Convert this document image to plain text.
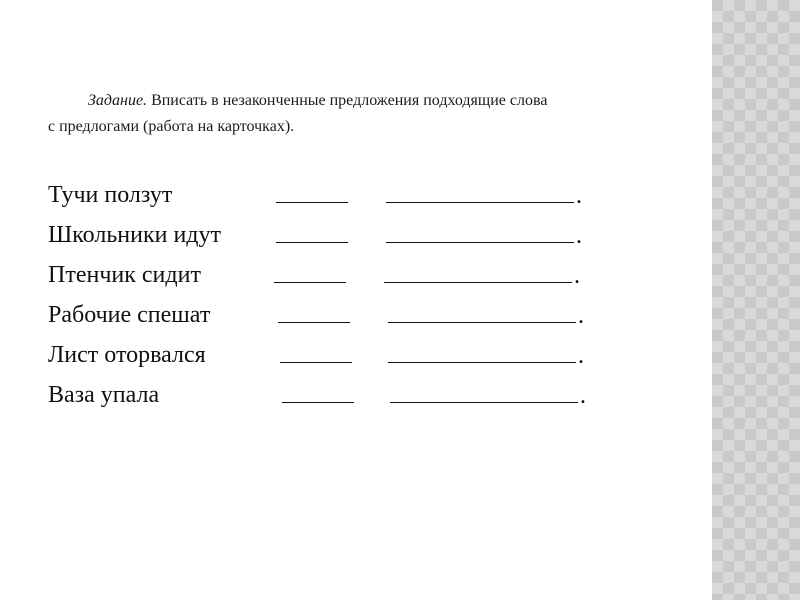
Задание. Вписать в незаконченные предложения подходящие слова
с предлогами (работа на карточках).
Тучи ползут	.
Школьники идут	.
Птенчик сидит	.
Рабочие спешат	.
Лист оторвался	.
Ваза упала	.
